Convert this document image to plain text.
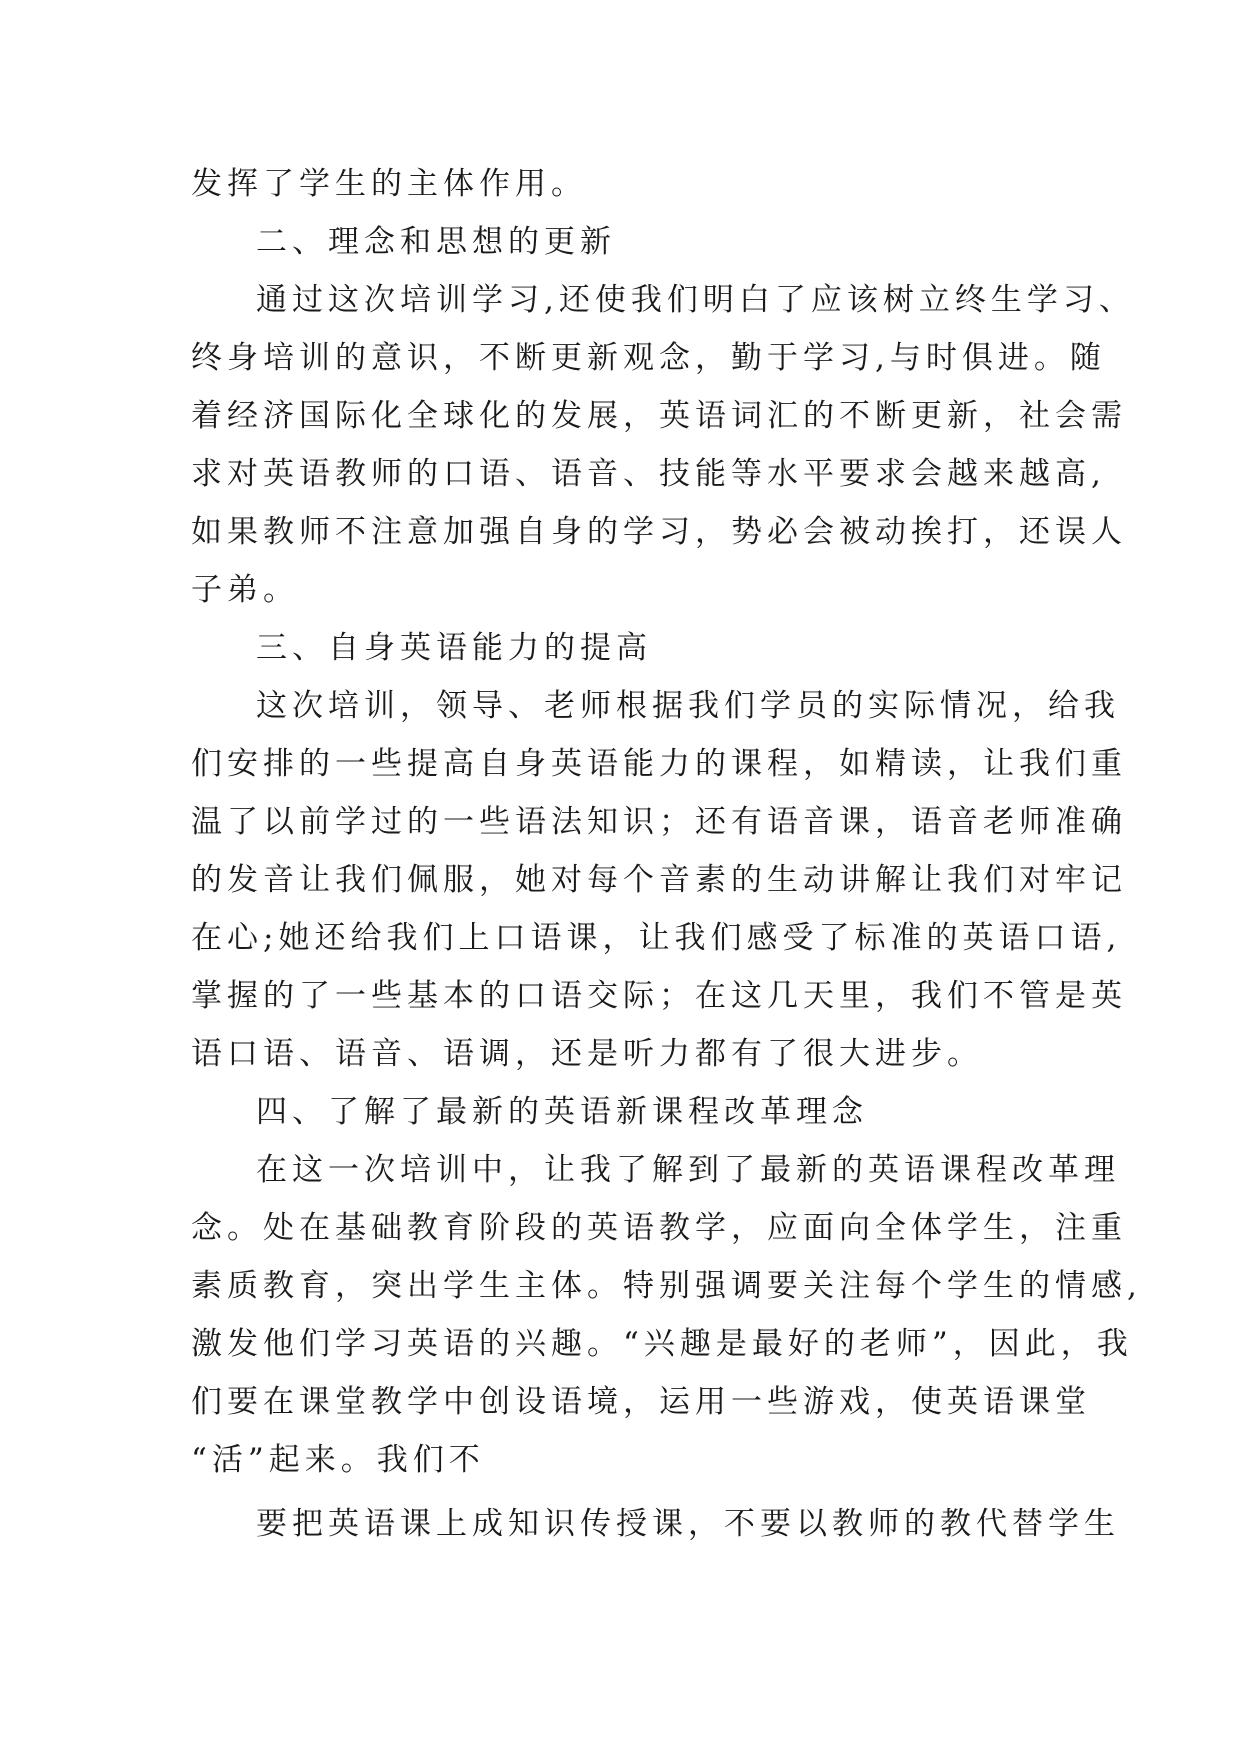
发挥了学生的主体作用。
二、理念和思想的更新
通过这次培训学习,还使我们明白了应该树立终生学习、
终身培训的意识，不断更新观念，勤于学习,与时俱进。随
着经济国际化全球化的发展，英语词汇的不断更新，社会需
求对英语教师的口语、语音、技能等水平要求会越来越高,
如果教师不注意加强自身的学习，势必会被动挨打，还误人
子弟。
三、自身英语能力的提高
这次培训，领导、老师根据我们学员的实际情况，给我
们安排的一些提高自身英语能力的课程，如精读，让我们重
温了以前学过的一些语法知识；还有语音课，语音老师准确
的发音让我们佩服，她对每个音素的生动讲解让我们对牢记
在心;她还给我们上口语课，让我们感受了标准的英语口语,
掌握的了一些基本的口语交际；在这几天里，我们不管是英
语口语、语音、语调，还是听力都有了很大进步。
四、了解了最新的英语新课程改革理念
在这一次培训中，让我了解到了最新的英语课程改革理
念。处在基础教育阶段的英语教学，应面向全体学生，注重
素质教育，突出学生主体。特别强调要关注每个学生的情感,
激发他们学习英语的兴趣。“兴趣是最好的老师”，因此，我
们要在课堂教学中创设语境，运用一些游戏，使英语课堂
“活”起来。我们不
要把英语课上成知识传授课，不要以教师的教代替学生
